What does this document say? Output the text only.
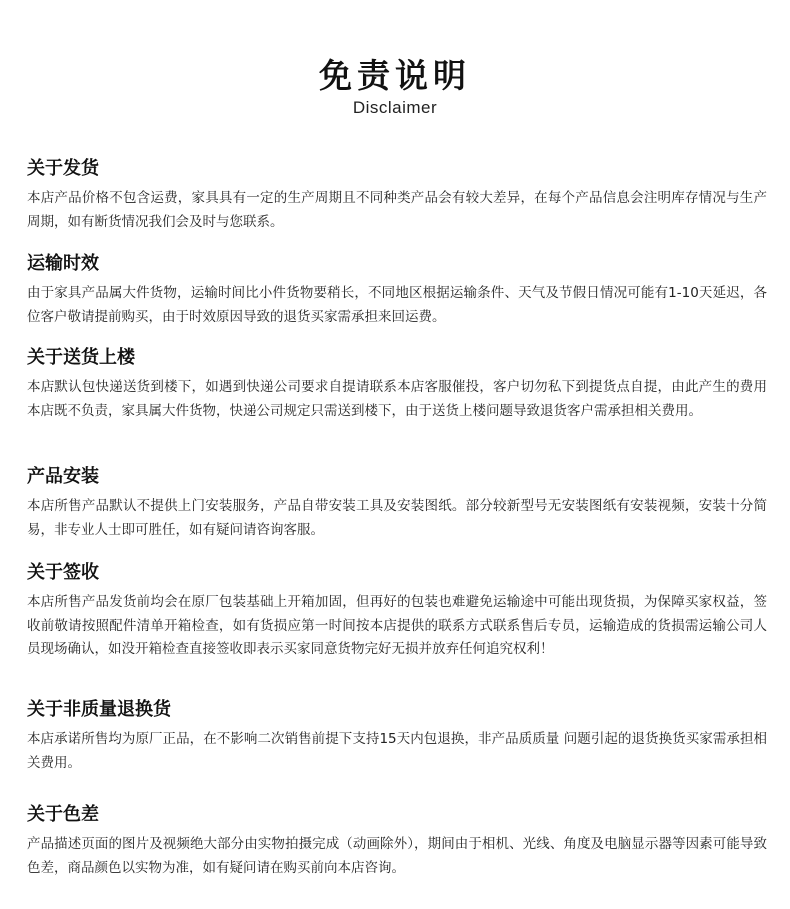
免责说明
Disclaimer
关于发货

本店产品价格不包含运费，家具具有一定的生产周期且不同种类产品会有较大差异，在每个产品信息会注明库存情况与生产周期，如有断货情况我们会及时与您联系。

运输时效

由于家具产品属大件货物，运输时间比小件货物要稍长，不同地区根据运输条件、天气及节假日情况可能有1-10天延迟，各位客户敬请提前购买，由于时效原因导致的退货买家需承担来回运费。

关于送货上楼

本店默认包快递送货到楼下，如遇到快递公司要求自提请联系本店客服催投，客户切勿私下到提货点自提，由此产生的费用本店既不负责，家具属大件货物，快递公司规定只需送到楼下，由于送货上楼问题导致退货客户需承担相关费用。

产品安装

本店所售产品默认不提供上门安装服务，产品自带安装工具及安装图纸。部分较新型号无安装图纸有安装视频，安装十分简易，非专业人士即可胜任，如有疑问请咨询客服。

关于签收

本店所售产品发货前均会在原厂包装基础上开箱加固，但再好的包装也难避免运输途中可能出现货损，为保障买家权益，签收前敬请按照配件清单开箱检查，如有货损应第一时间按本店提供的联系方式联系售后专员，运输造成的货损需运输公司人员现场确认，如没开箱检查直接签收即表示买家同意货物完好无损并放弃任何追究权利！

关于非质量退换货

本店承诺所售均为原厂正品，在不影响二次销售前提下支持15天内包退换，非产品质质量 问题引起的退货换货买家需承担相关费用。

关于色差

产品描述页面的图片及视频绝大部分由实物拍摄完成（动画除外），期间由于相机、光线、角度及电脑显示器等因素可能导致色差，商品颜色以实物为准，如有疑问请在购买前向本店咨询。
